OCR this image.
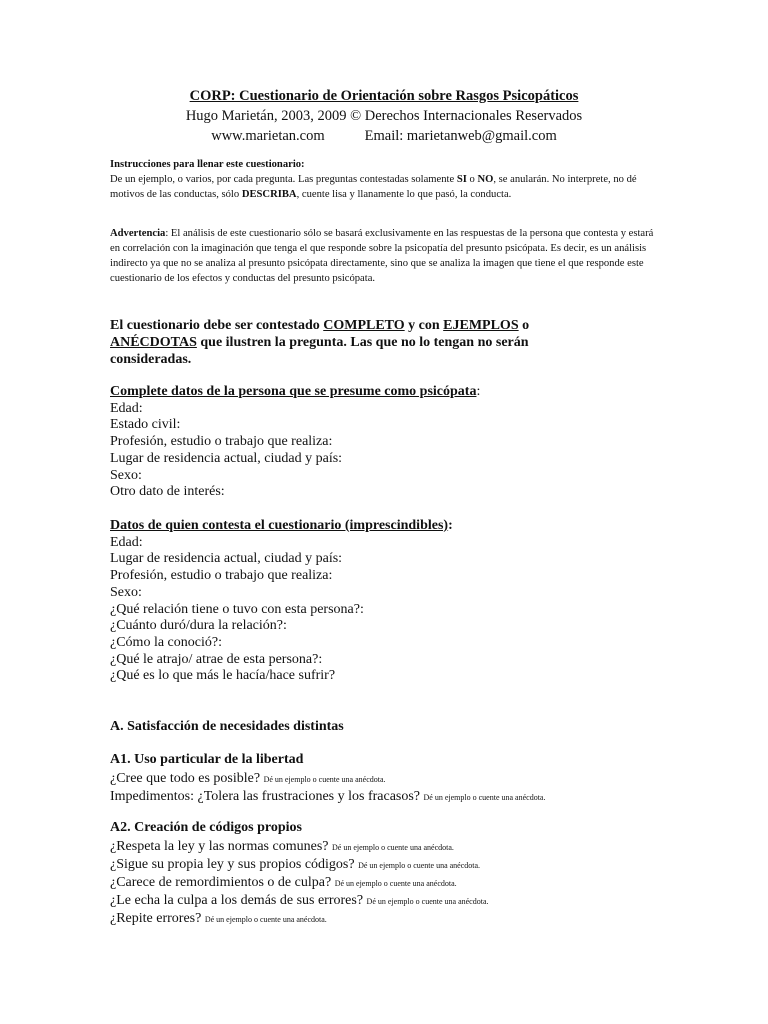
CORP: Cuestionario de Orientación sobre Rasgos Psicopáticos
Hugo Marietán, 2003, 2009 © Derechos Internacionales Reservados
www.marietan.com	Email: marietanweb@gmail.com
Instrucciones para llenar este cuestionario:
De un ejemplo, o varios, por cada pregunta. Las preguntas contestadas solamente SI o NO, se anularán. No interprete, no dé motivos de las conductas, sólo DESCRIBA, cuente lisa y llanamente lo que pasó, la conducta.
Advertencia: El análisis de este cuestionario sólo se basará exclusivamente en las respuestas de la persona que contesta y estará en correlación con la imaginación que tenga el que responde sobre la psicopatía del presunto psicópata. Es decir, es un análisis indirecto ya que no se analiza al presunto psicópata directamente, sino que se analiza la imagen que tiene el que responde este cuestionario de los efectos y conductas del presunto psicópata.
El cuestionario debe ser contestado COMPLETO y con EJEMPLOS o ANÉCDOTAS que ilustren la pregunta. Las que no lo tengan no serán consideradas.
Complete datos de la persona que se presume como psicópata:
Edad:
Estado civil:
Profesión, estudio o trabajo que realiza:
Lugar de residencia actual, ciudad y país:
Sexo:
Otro dato de interés:
Datos de quien contesta el cuestionario (imprescindibles):
Edad:
Lugar de residencia actual, ciudad y país:
Profesión, estudio o trabajo que realiza:
Sexo:
¿Qué relación tiene o tuvo con esta persona?:
¿Cuánto duró/dura la relación?:
¿Cómo la conoció?:
¿Qué le atrajo/ atrae de esta persona?:
¿Qué es lo que más le hacía/hace sufrir?
A. Satisfacción de necesidades distintas
A1. Uso particular de la libertad
¿Cree que todo es posible? Dé un ejemplo o cuente una anécdota.
Impedimentos: ¿Tolera las frustraciones y los fracasos? Dé un ejemplo o cuente una anécdota.
A2. Creación de códigos propios
¿Respeta la ley y las normas comunes? Dé un ejemplo o cuente una anécdota.
¿Sigue su propia ley y sus propios códigos? Dé un ejemplo o cuente una anécdota.
¿Carece de remordimientos o de culpa? Dé un ejemplo o cuente una anécdota.
¿Le echa la culpa a los demás de sus errores? Dé un ejemplo o cuente una anécdota.
¿Repite errores? Dé un ejemplo o cuente una anécdota.
